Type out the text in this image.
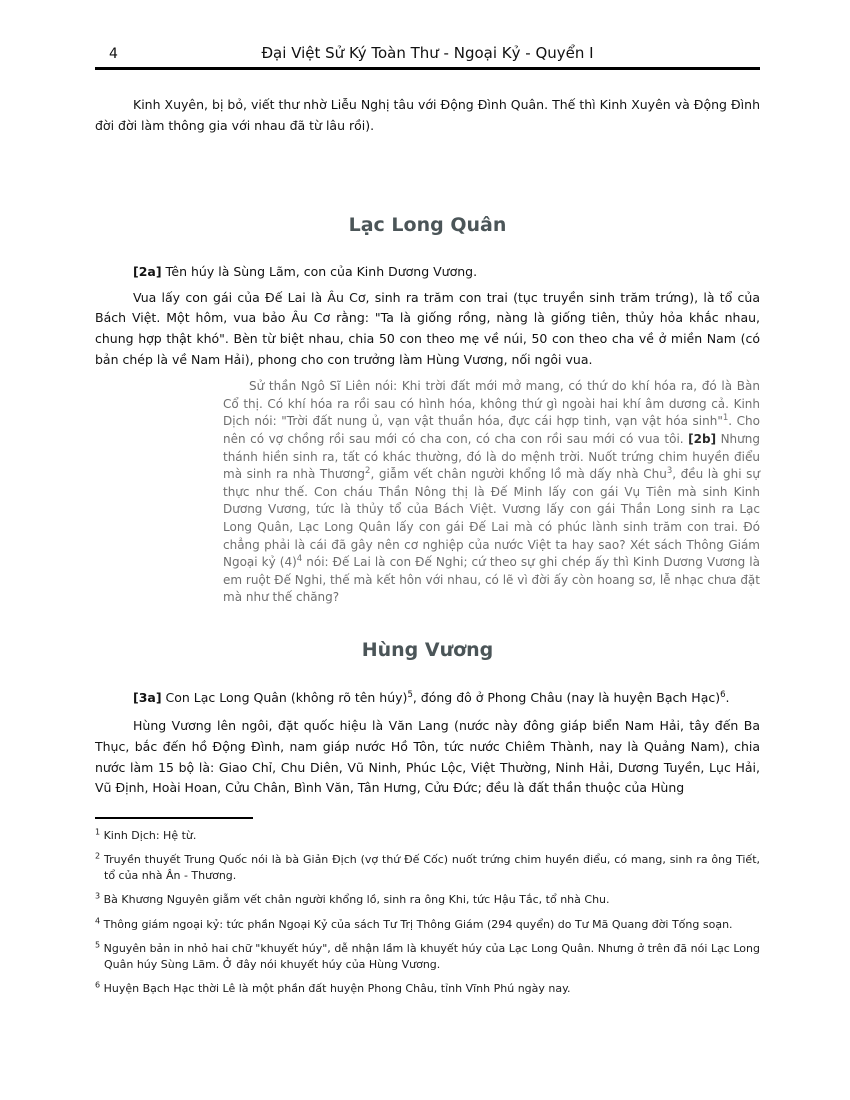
4	Đại Việt Sử Ký Toàn Thư - Ngoại Kỷ - Quyển I

Kinh Xuyên, bị bỏ, viết thư nhờ Liễu Nghị tâu với Động Đình Quân. Thế thì Kinh Xuyên và Động Đình đời đời làm thông gia với nhau đã từ lâu rồi).

Lạc Long Quân

[2a] Tên húy là Sùng Lãm, con của Kinh Dương Vương.

Vua lấy con gái của Đế Lai là Âu Cơ, sinh ra trăm con trai (tục truyền sinh trăm trứng), là tổ của Bách Việt. Một hôm, vua bảo Âu Cơ rằng: "Ta là giống rồng, nàng là giống tiên, thủy hỏa khắc nhau, chung hợp thật khó". Bèn từ biệt nhau, chia 50 con theo mẹ về núi, 50 con theo cha về ở miền Nam (có bản chép là về Nam Hải), phong cho con trưởng làm Hùng Vương, nối ngôi vua.

Sử thần Ngô Sĩ Liên nói: Khi trời đất mới mở mang, có thứ do khí hóa ra, đó là Bàn Cổ thị. Có khí hóa ra rồi sau có hình hóa, không thứ gì ngoài hai khí âm dương cả. Kinh Dịch nói: "Trời đất nung ủ, vạn vật thuần hóa, đực cái hợp tinh, vạn vật hóa sinh"$^1$. Cho nên có vợ chồng rồi sau mới có cha con, có cha con rồi sau mới có vua tôi. [2b] Nhưng thánh hiền sinh ra, tất có khác thường, đó là do mệnh trời. Nuốt trứng chim huyền điểu mà sinh ra nhà Thương$^2$, giẫm vết chân người khổng lồ mà dấy nhà Chu$^3$, đều là ghi sự thực như thế. Con cháu Thần Nông thị là Đế Minh lấy con gái Vụ Tiên mà sinh Kinh Dương Vương, tức là thủy tổ của Bách Việt. Vương lấy con gái Thần Long sinh ra Lạc Long Quân, Lạc Long Quân lấy con gái Đế Lai mà có phúc lành sinh trăm con trai. Đó chẳng phải là cái đã gây nên cơ nghiệp của nước Việt ta hay sao? Xét sách Thông Giám Ngoại kỷ (4)$^4$ nói: Đế Lai là con Đế Nghi; cứ theo sự ghi chép ấy thì Kinh Dương Vương là em ruột Đế Nghi, thế mà kết hôn với nhau, có lẽ vì đời ấy còn hoang sơ, lễ nhạc chưa đặt mà như thế chăng?
Hùng Vương

[3a] Con Lạc Long Quân (không rõ tên húy)$^5$, đóng đô ở Phong Châu (nay là huyện Bạch Hạc)$^6$.

Hùng Vương lên ngôi, đặt quốc hiệu là Văn Lang (nước này đông giáp biển Nam Hải, tây đến Ba Thục, bắc đến hồ Động Đình, nam giáp nước Hồ Tôn, tức nước Chiêm Thành, nay là Quảng Nam), chia nước làm 15 bộ là: Giao Chỉ, Chu Diên, Vũ Ninh, Phúc Lộc, Việt Thường, Ninh Hải, Dương Tuyền, Lục Hải, Vũ Định, Hoài Hoan, Cửu Chân, Bình Văn, Tân Hưng, Cửu Đức; đều là đất thần thuộc của Hùng

$^1$ Kinh Dịch: Hệ từ.
$^2$ Truyền thuyết Trung Quốc nói là bà Giản Địch (vợ thứ Đế Cốc) nuốt trứng chim huyền điểu, có mang, sinh ra ông Tiết, tổ của nhà Ân - Thương.
$^3$ Bà Khương Nguyên giẫm vết chân người khổng lồ, sinh ra ông Khi, tức Hậu Tắc, tổ nhà Chu.
$^4$ Thông giám ngoại kỷ: tức phần Ngoại Kỷ của sách Tư Trị Thông Giám (294 quyển) do Tư Mã Quang đời Tống soạn.
$^5$ Nguyên bản in nhỏ hai chữ "khuyết húy", dễ nhận lầm là khuyết húy của Lạc Long Quân. Nhưng ở trên đã nói Lạc Long Quân húy Sùng Lãm. Ở đây nói khuyết húy của Hùng Vương.
$^6$ Huyện Bạch Hạc thời Lê là một phần đất huyện Phong Châu, tỉnh Vĩnh Phú ngày nay.
